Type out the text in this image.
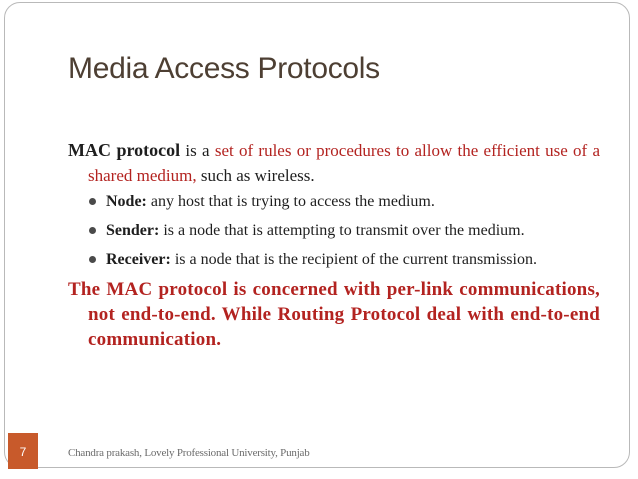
Media Access Protocols

MAC protocol is a set of rules or procedures to allow the efficient use of a shared medium, such as wireless.

Node: any host that is trying to access the medium.
Sender: is a node that is attempting to transmit over the medium.
Receiver: is a node that is the recipient of the current transmission.

The MAC protocol is concerned with per-link communications, not end-to-end. While Routing Protocol deal with end-to-end communication.

7	Chandra prakash, Lovely Professional University, Punjab
